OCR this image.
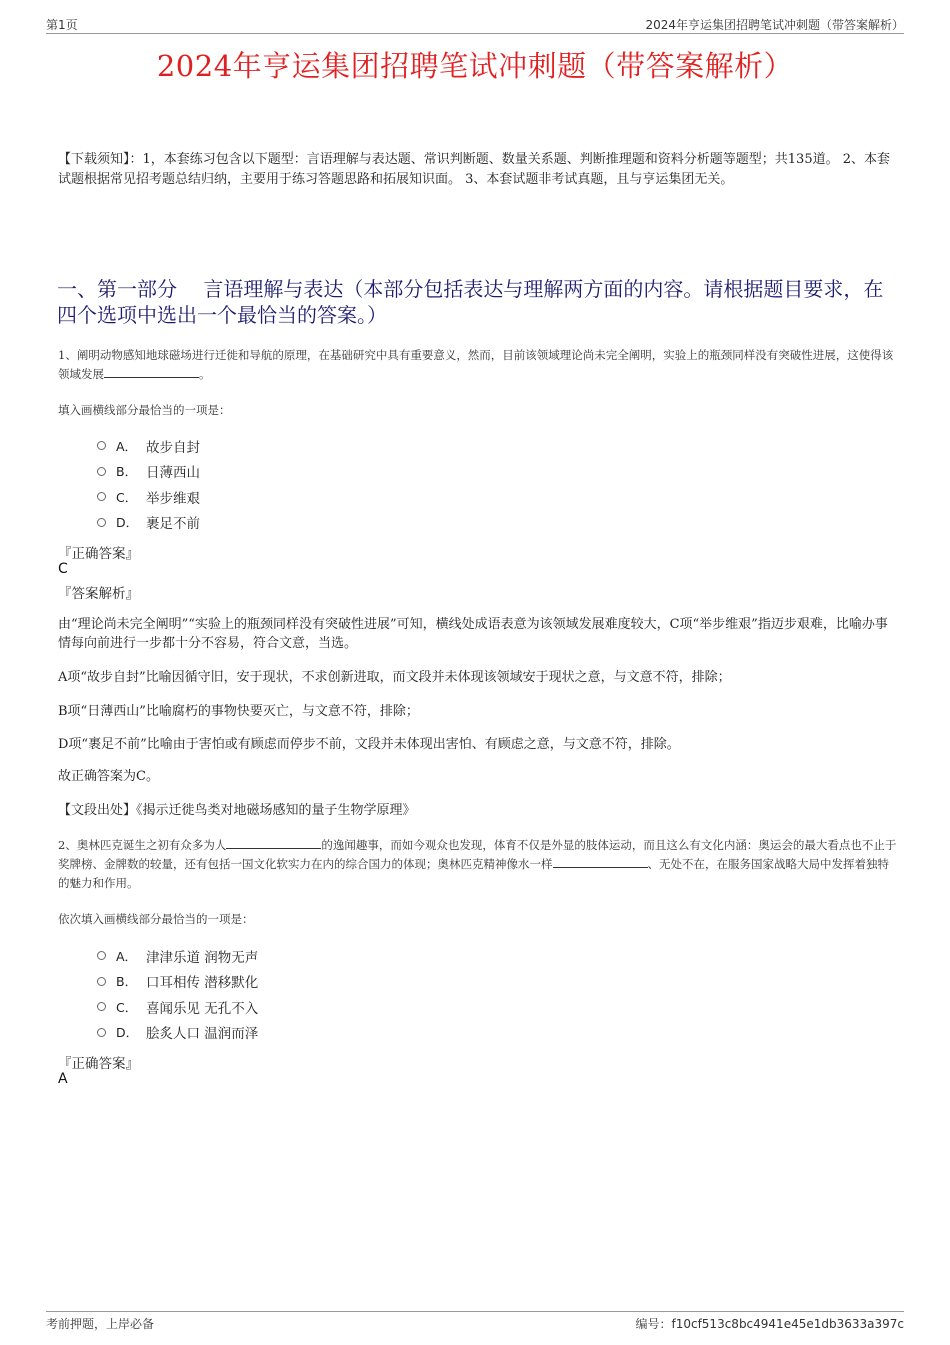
第1页	2024年亨运集团招聘笔试冲刺题（带答案解析）
2024年亨运集团招聘笔试冲刺题（带答案解析）

【下载须知】：1，本套练习包含以下题型：言语理解与表达题、常识判断题、数量关系题、判断推理题和资料分析题等题型；共135道。 2、本套试题根据常见招考题总结归纳，主要用于练习答题思路和拓展知识面。 3、本套试题非考试真题，且与亨运集团无关。

一、第一部分　 言语理解与表达（本部分包括表达与理解两方面的内容。请根据题目要求，在四个选项中选出一个最恰当的答案。）

1、阐明动物感知地球磁场进行迁徙和导航的原理，在基础研究中具有重要意义，然而，目前该领域理论尚未完全阐明，实验上的瓶颈同样没有突破性进展，这使得该领域发展	。

填入画横线部分最恰当的一项是：

A． 故步自封
B． 日薄西山
C． 举步维艰
D． 裹足不前

『正确答案』

C

『答案解析』

由“理论尚未完全阐明”“实验上的瓶颈同样没有突破性进展”可知，横线处成语表意为该领域发展难度较大，C项“举步维艰”指迈步艰难，比喻办事情每向前进行一步都十分不容易，符合文意，当选。

A项“故步自封”比喻因循守旧，安于现状，不求创新进取，而文段并未体现该领域安于现状之意，与文意不符，排除；

B项“日薄西山”比喻腐朽的事物快要灭亡，与文意不符，排除；

D项“裹足不前”比喻由于害怕或有顾虑而停步不前，文段并未体现出害怕、有顾虑之意，与文意不符，排除。

故正确答案为C。

【文段出处】《揭示迁徙鸟类对地磁场感知的量子生物学原理》

2、奥林匹克诞生之初有众多为人	的逸闻趣事，而如今观众也发现，体育不仅是外显的肢体运动，而且这么有文化内涵：奥运会的最大看点也不止于奖牌榜、金牌数的较量，还有包括一国文化软实力在内的综合国力的体现；奥林匹克精神像水一样	、无处不在，在服务国家战略大局中发挥着独特的魅力和作用。

依次填入画横线部分最恰当的一项是：

A． 津津乐道 润物无声
B． 口耳相传 潜移默化
C． 喜闻乐见 无孔不入
D． 脍炙人口 温润而泽

『正确答案』

A

考前押题，上岸必备	编号：f10cf513c8bc4941e45e1db3633a397c
